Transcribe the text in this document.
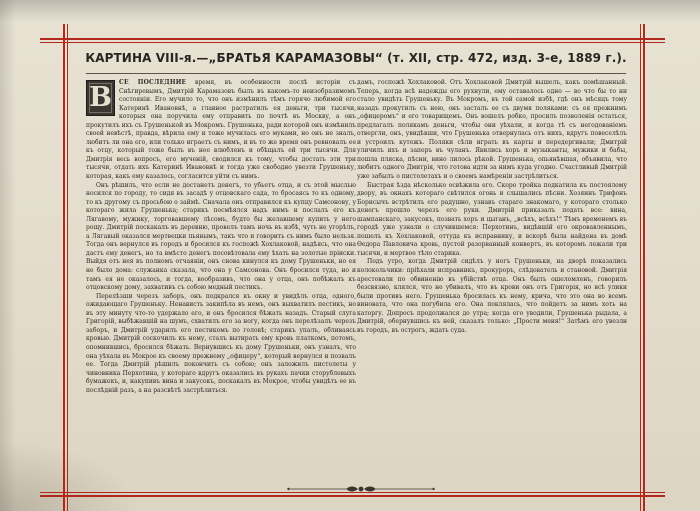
КАРТИНА VIII-я.—„БРАТЬЯ КАРАМАЗОВЫ“ (т. XII, стр. 472, изд. 3-е, 1889 г.).

В	СЕ ПОСЛЕДНИЕ время, въ особенности послѣ исторіи съ Снѣгиревымъ, Дмитрій Карамазовъ былъ въ какомъ-то неизобразимомъ состояніи. Его мучило то, что онъ измѣнилъ тѣмъ горячо любимой его Катеринѣ Ивановнѣ, а главное растратилъ ея деньги, три тысячи, которыя она поручила ему отправить по почтѣ въ Москву, а онъ прокутилъ ихъ съ Грушенькой въ Мокромъ. Грушенька, ради которой онъ измѣнилъ своей невѣстѣ, правда, вѣрила ему и тоже мучилась его муками, но онъ не зналъ, любитъ ли она его, или только играетъ съ нимъ, и въ то же время онъ ревновалъ ее къ отцу, который тоже былъ въ нее влюбленъ и обѣщалъ ей три тысячи. Для Дмитрія весь вопросъ, его мученій, сводился къ тому, чтобы достать эти три тысячи, отдать ихъ Катеринѣ Ивановнѣ и тогда уже свободно увезти Грушеньку, которая, какъ ему казалось, согласится уйти съ нимъ.

Онъ рѣшилъ, что если не достанетъ денегъ, то убьетъ отца, и съ этой мыслью носился по городу, то сидя въ засадѣ у отцовскаго сада, то бросаясь то къ одному, то къ другому съ просьбою о займѣ. Сначала онъ отправился къ купцу Самсонову, у котораго жила Грушенька; старикъ посмѣялся надъ нимъ и послалъ его къ Лягавому, мужику, торговавшему лѣсомъ, будто бы желавшему купить у него рощу. Дмитрій поскакалъ въ деревню, провелъ тамъ ночь въ избѣ, чуть не угорѣлъ, а Лягавый оказался мертвецки пьянымъ, такъ что и говорить съ нимъ было нельзя. Тогда онъ вернулся въ городъ и бросился къ госпожѣ Хохлаковой, надѣясь, что она дастъ ему денегъ, но та вмѣсто денегъ посовѣтовала ему ѣхать на золотые пріиски. Выйдя отъ нея въ полномъ отчаяніи, онъ снова кинулся къ дому Грушеньки, но ея не было дома: служанка сказала, что она у Самсонова. Онъ бросился туда, но и тамъ ея не оказалось, и тогда, вообразивъ, что она у отца, онъ побѣжалъ къ отцовскому дому, захвативъ съ собою медный пестикъ.

Перелѣзши черезъ заборъ, онъ подкрался къ окну и увидѣлъ отца, одного, ожидающаго Грушеньку. Ненависть закипѣла въ немъ, онъ выхватилъ пестикъ, но въ эту минуту что-то удержало его, и онъ бросился бѣжать назадъ. Старый слуга Григорій, выбѣжавшій на шумъ, схватилъ его за ногу, когда онъ перелѣзалъ черезъ заборъ, и Дмитрій ударилъ его пестикомъ по головѣ; старикъ упалъ, обливаясь кровью. Дмитрій соскочилъ къ нему, сталъ вытирать ему кровь платкомъ, потомъ, опомнившись, бросился бѣжать. Вернувшись къ дому Грушеньки, онъ узналъ, что она уѣхала въ Мокрое къ своему прежнему „офицеру“, который вернулся и позвалъ ее. Тогда Дмитрій рѣшилъ покончить съ собою; онъ заложилъ пистолеты у чиновника Перхотина, у котораго вдругъ оказались въ рукахъ пачки сторублевыхъ бумажекъ, и, накупивъ вина и закусокъ, поскакалъ въ Мокрое, чтобы увидѣть ее въ послѣдній разъ, а на разсвѣтѣ застрѣлиться.

дамъ, госпожѣ Хохлаковой. Отъ Хохлаковой Дмитрій вышелъ, какъ помѣшанный. Теперь, когда всѣ надежды его рухнули, ему оставалось одно — во что бы то ни стало увидѣть Грушеньку. Въ Мокромъ, въ той самой избѣ, гдѣ онъ мѣсяцъ тому назадъ прокутилъ съ нею, онъ засталъ ее съ двумя поляками: съ ея прежнимъ „офицеромъ“ и его товарищемъ. Онъ вошелъ робко, просилъ позволенія остаться, предлагалъ полякамъ деньги, чтобы они уѣхали, и когда тѣ съ негодованіемъ отвергли, онъ, увидѣвши, что Грушенька отвернулась отъ нихъ, вдругъ повеселѣлъ и устроилъ кутежъ. Поляки сѣли играть въ карты и передергивали; Дмитрій уличилъ ихъ и заперъ въ чуланъ. Явились хоръ и музыканты, мужики и бабы, пошла пляска, пѣсни, вино лилось рѣкой. Грушенька, опьянѣвшая, объявила, что любитъ одного Дмитрія, что готова идти за нимъ куда угодно. Счастливый Дмитрій уже забылъ о пистолетахъ и о своемъ намѣреніи застрѣлиться.

Быстрая ѣзда нѣсколько освѣжила его. Скоро тройка подкатила къ постоялому двору, въ окнахъ котораго свѣтился огонь и слышались пѣсни. Хозяинъ Трифонъ Борисычъ встрѣтилъ его радушно, узнавъ стараго знакомаго, у котораго столько денегъ прошло черезъ его руки. Дмитрій приказалъ подать все: вина, шампанскаго, закусокъ, позвать хоръ и цыганъ, „всѣхъ, всѣхъ!“ Тѣмъ временемъ въ городѣ уже узнали о случившемся: Перхотинъ, видѣвшій его окровавленнымъ, пошелъ къ Хохлаковой, оттуда къ исправнику, и вскорѣ была найдена въ домѣ Ѳедора Павловича кровь, пустой разорванный конвертъ, въ которомъ лежали три тысячи, и мертвое тѣло старика.

Подъ утро, когда Дмитрій сидѣлъ у ногъ Грушеньки, на дворѣ показались колокольчики: пріѣхали исправникъ, прокуроръ, слѣдователь и становой. Дмитрія арестовали по обвиненію въ убійствѣ отца. Онъ былъ ошеломленъ, говорилъ безсвязно, клялся, что не убивалъ, что въ крови онъ отъ Григорія, но всѣ улики были противъ него. Грушенька бросилась къ нему, крича, что это она во всемъ виновата, что она погубила его. Она поклялась, что пойдетъ за нимъ хоть на каторгу. Допросъ продолжался до утра; когда его уводили, Грушенька рыдала, а Дмитрій, обернувшись къ ней, сказалъ только: „Прости меня!“ Затѣмъ его увезли въ городъ, въ острогъ, ждать суда.
